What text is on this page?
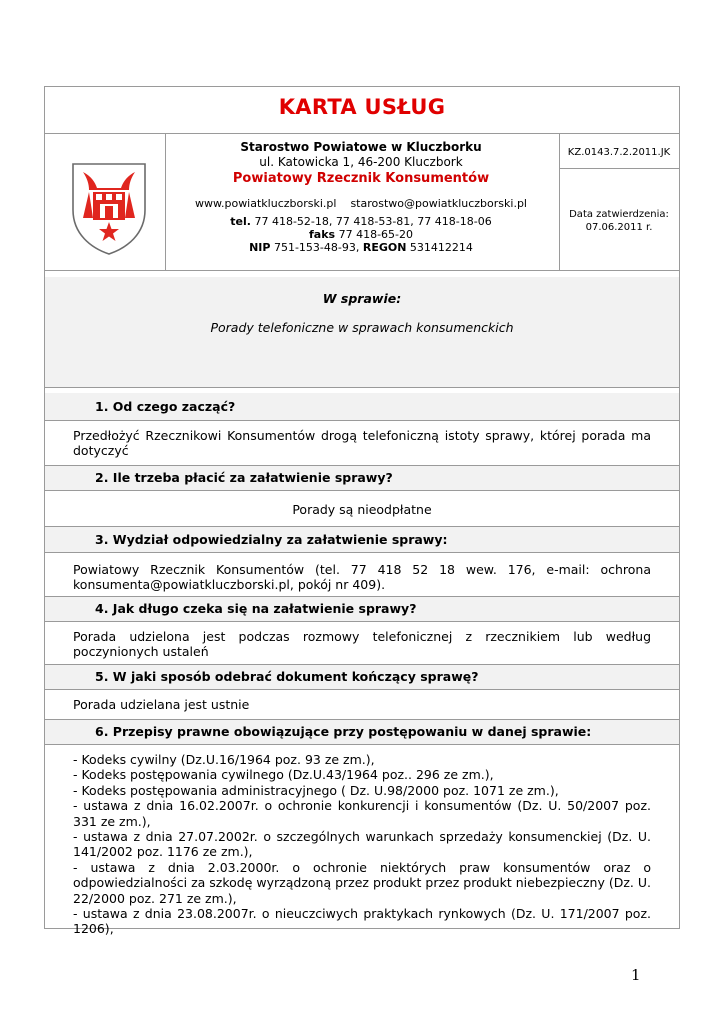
KARTA USŁUG
Starostwo Powiatowe w Kluczborku
ul. Katowicka 1, 46-200 Kluczbork
Powiatowy Rzecznik Konsumentów
www.powiatkluczborski.pl starostwo@powiatkluczborski.pl
tel. 77 418-52-18, 77 418-53-81, 77 418-18-06
faks 77 418-65-20
NIP 751-153-48-93, REGON 531412214
KZ.0143.7.2.2011.JK
Data zatwierdzenia:
07.06.2011 r.
W sprawie:
Porady telefoniczne w sprawach konsumenckich
1. Od czego zacząć?
Przedłożyć Rzecznikowi Konsumentów drogą telefoniczną istoty sprawy, której porada ma dotyczyć
2. Ile trzeba płacić za załatwienie sprawy?
Porady są nieodpłatne
3. Wydział odpowiedzialny za załatwienie sprawy:
Powiatowy Rzecznik Konsumentów (tel. 77 418 52 18 wew. 176, e-mail: ochrona konsumenta@powiatkluczborski.pl, pokój nr 409).
4. Jak długo czeka się na załatwienie sprawy?
Porada udzielona jest podczas rozmowy telefonicznej z rzecznikiem lub według poczynionych ustaleń
5. W jaki sposób odebrać dokument kończący sprawę?
Porada udzielana jest ustnie
6. Przepisy prawne obowiązujące przy postępowaniu w danej sprawie:
- Kodeks cywilny (Dz.U.16/1964 poz. 93 ze zm.),
- Kodeks postępowania cywilnego (Dz.U.43/1964 poz.. 296 ze zm.),
- Kodeks postępowania administracyjnego ( Dz. U.98/2000 poz. 1071 ze zm.),
- ustawa z dnia 16.02.2007r. o ochronie konkurencji i konsumentów (Dz. U. 50/2007 poz. 331 ze zm.),
- ustawa z dnia 27.07.2002r. o szczególnych warunkach sprzedaży konsumenckiej (Dz. U. 141/2002 poz. 1176 ze zm.),
- ustawa z dnia 2.03.2000r. o ochronie niektórych praw konsumentów oraz o odpowiedzialności za szkodę wyrządzoną przez produkt przez produkt niebezpieczny (Dz. U. 22/2000 poz. 271 ze zm.),
- ustawa z dnia 23.08.2007r. o nieuczciwych praktykach rynkowych (Dz. U. 171/2007 poz. 1206),
1
